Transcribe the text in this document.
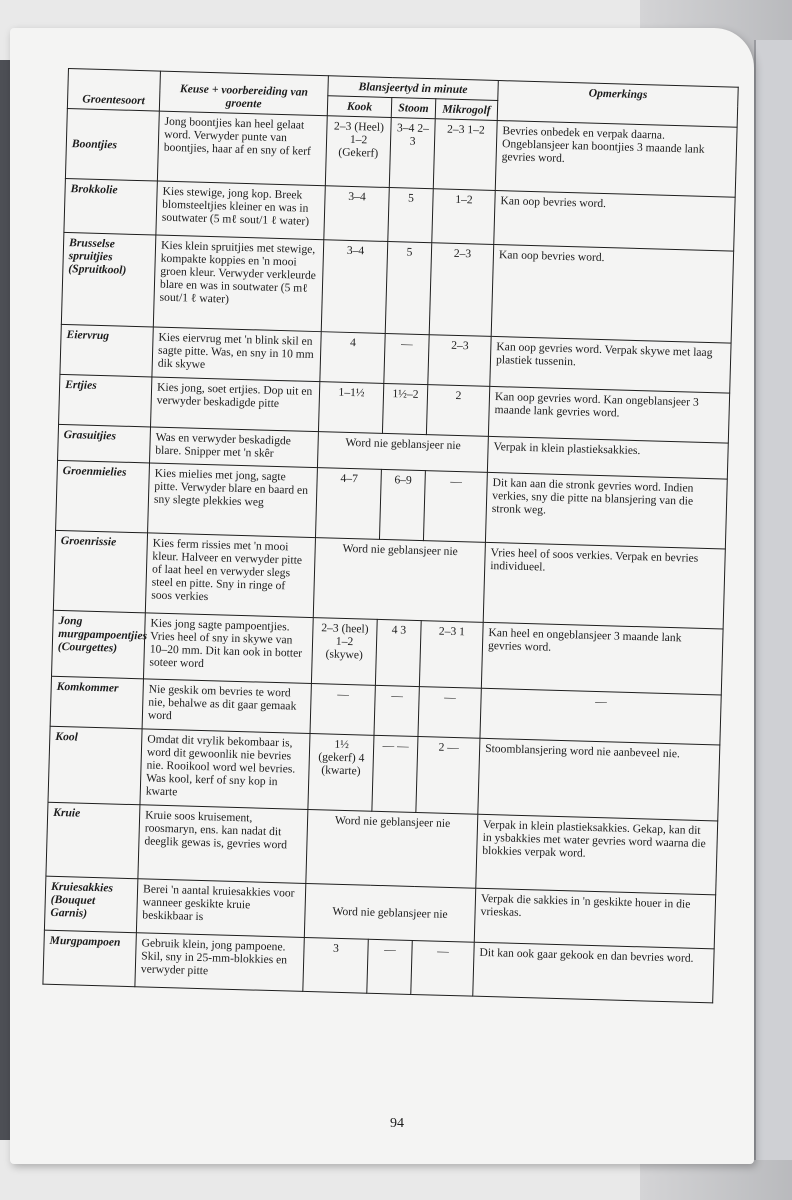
Groentesoort	Keuse + voorbereiding van groente	Blansjeertyd in minute			Opmerkings
		Kook	Stoom	Mikrogolf	
Boontjies	Jong boontjies kan heel gelaat word. Verwyder punte van boontjies, haar af en sny of kerf	2–3 (Heel) 1–2 (Gekerf)	3–4 2–3	2–3 1–2	Bevries onbedek en verpak daarna. Ongeblansjeer kan boontjies 3 maande lank gevries word.
Brokkolie	Kies stewige, jong kop. Breek blomsteeltjies kleiner en was in soutwater (5 mℓ sout/1 ℓ water)	3–4	5	1–2	Kan oop bevries word.
Brusselse spruitjies (Spruitkool)	Kies klein spruitjies met stewige, kompakte koppies en 'n mooi groen kleur. Verwyder verkleurde blare en was in soutwater (5 mℓ sout/1 ℓ water)	3–4	5	2–3	Kan oop bevries word.
Eiervrug	Kies eiervrug met 'n blink skil en sagte pitte. Was, en sny in 10 mm dik skywe	4	—	2–3	Kan oop gevries word. Verpak skywe met laag plastiek tussenin.
Ertjies	Kies jong, soet ertjies. Dop uit en verwyder beskadigde pitte	1–1½	1½–2	2	Kan oop gevries word. Kan ongeblansjeer 3 maande lank gevries word.
Grasuitjies	Was en verwyder beskadigde blare. Snipper met 'n skêr	Word nie geblansjeer nie			Verpak in klein plastieksakkies.
Groenmielies	Kies mielies met jong, sagte pitte. Verwyder blare en baard en sny slegte plekkies weg	4–7	6–9	—	Dit kan aan die stronk gevries word. Indien verkies, sny die pitte na blansjering van die stronk weg.
Groenrissie	Kies ferm rissies met 'n mooi kleur. Halveer en verwyder pitte of laat heel en verwyder slegs steel en pitte. Sny in ringe of soos verkies	Word nie geblansjeer nie			Vries heel of soos verkies. Verpak en bevries individueel.
Jong murgpampoentjies (Courgettes)	Kies jong sagte pampoentjies. Vries heel of sny in skywe van 10–20 mm. Dit kan ook in botter soteer word	2–3 (heel) 1–2 (skywe)	4 3	2–3 1	Kan heel en ongeblansjeer 3 maande lank gevries word.
Komkommer	Nie geskik om bevries te word nie, behalwe as dit gaar gemaak word	—	—	—	—
Kool	Omdat dit vrylik bekombaar is, word dit gewoonlik nie bevries nie. Rooikool word wel bevries. Was kool, kerf of sny kop in kwarte	1½ (gekerf) 4 (kwarte)	— —	2 —	Stoomblansjering word nie aanbeveel nie.
Kruie	Kruie soos kruisement, roosmaryn, ens. kan nadat dit deeglik gewas is, gevries word	Word nie geblansjeer nie			Verpak in klein plastieksakkies. Gekap, kan dit in ysbakkies met water gevries word waarna die blokkies verpak word.
Kruiesakkies (Bouquet Garnis)	Berei 'n aantal kruiesakkies voor wanneer geskikte kruie beskikbaar is	Word nie geblansjeer nie			Verpak die sakkies in 'n geskikte houer in die vrieskas.
Murgpampoen	Gebruik klein, jong pampoene. Skil, sny in 25-mm-blokkies en verwyder pitte	3	—	—	Dit kan ook gaar gekook en dan bevries word.
94
